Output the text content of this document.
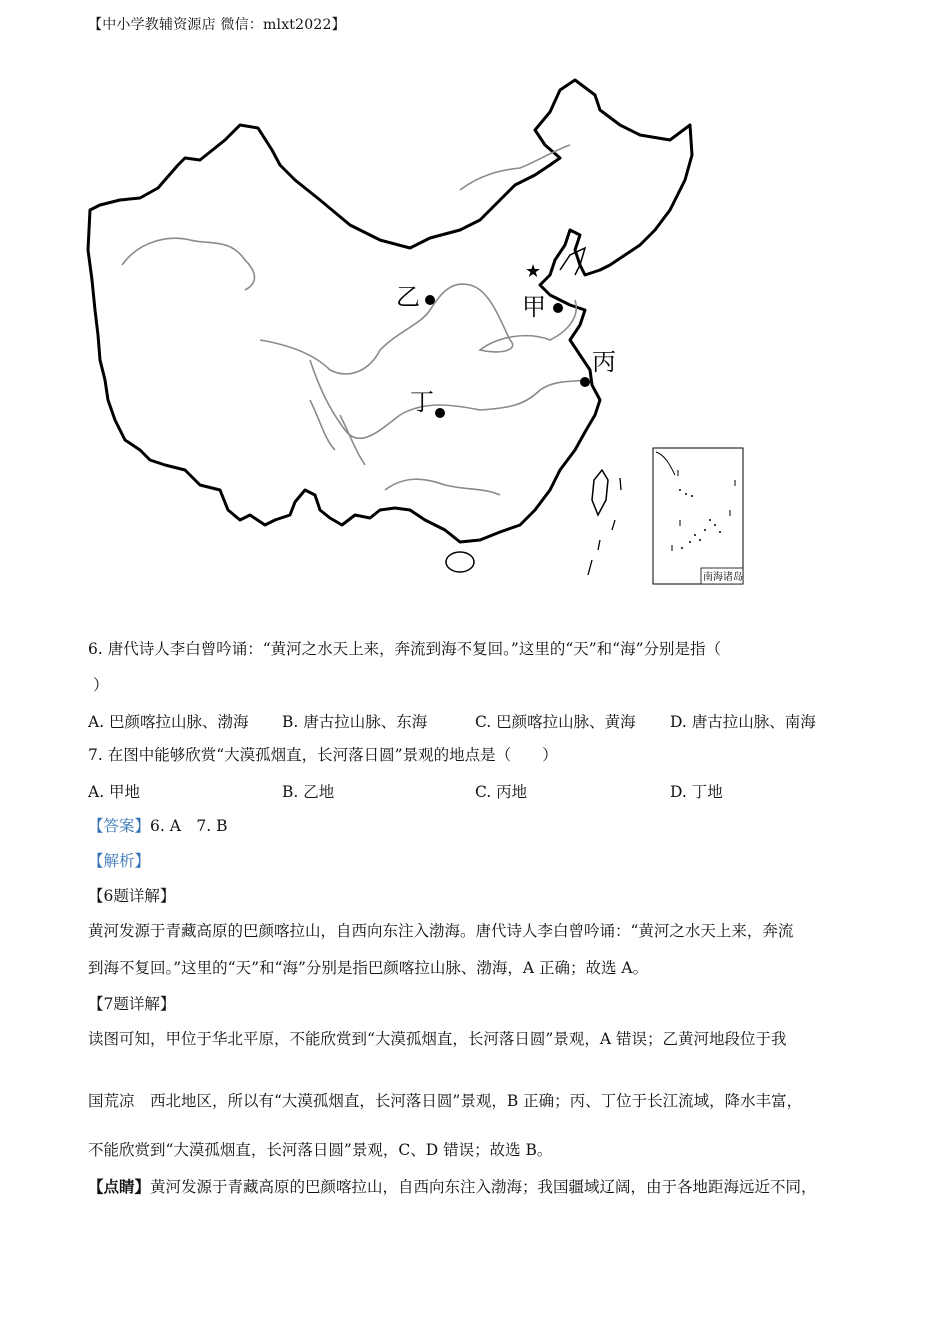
【中小学教辅资源店 微信：mlxt2022】
★
甲
乙
丙
丁
南海诸岛
6. 唐代诗人李白曾吟诵：“黄河之水天上来，奔流到海不复回。”这里的“天”和“海”分别是指（
）
A. 巴颜喀拉山脉、渤海 B. 唐古拉山脉、东海	C. 巴颜喀拉山脉、黄海 D. 唐古拉山脉、南海
7. 在图中能够欣赏“大漠孤烟直，长河落日圆”景观的地点是（　　）
A. 甲地	B. 乙地	C. 丙地	D. 丁地
【答案】6. A　7. B
【解析】
【6题详解】
黄河发源于青藏高原的巴颜喀拉山，自西向东注入渤海。唐代诗人李白曾吟诵：“黄河之水天上来，奔流
到海不复回。”这里的“天”和“海”分别是指巴颜喀拉山脉、渤海，A 正确；故选 A。
【7题详解】
读图可知，甲位于华北平原，不能欣赏到“大漠孤烟直，长河落日圆”景观，A 错误；乙黄河地段位于我
国荒凉　西北地区，所以有“大漠孤烟直，长河落日圆”景观，B 正确；丙、丁位于长江流域，降水丰富，
不能欣赏到“大漠孤烟直，长河落日圆”景观，C、D 错误；故选 B。
【点睛】黄河发源于青藏高原的巴颜喀拉山，自西向东注入渤海；我国疆域辽阔，由于各地距海远近不同，
